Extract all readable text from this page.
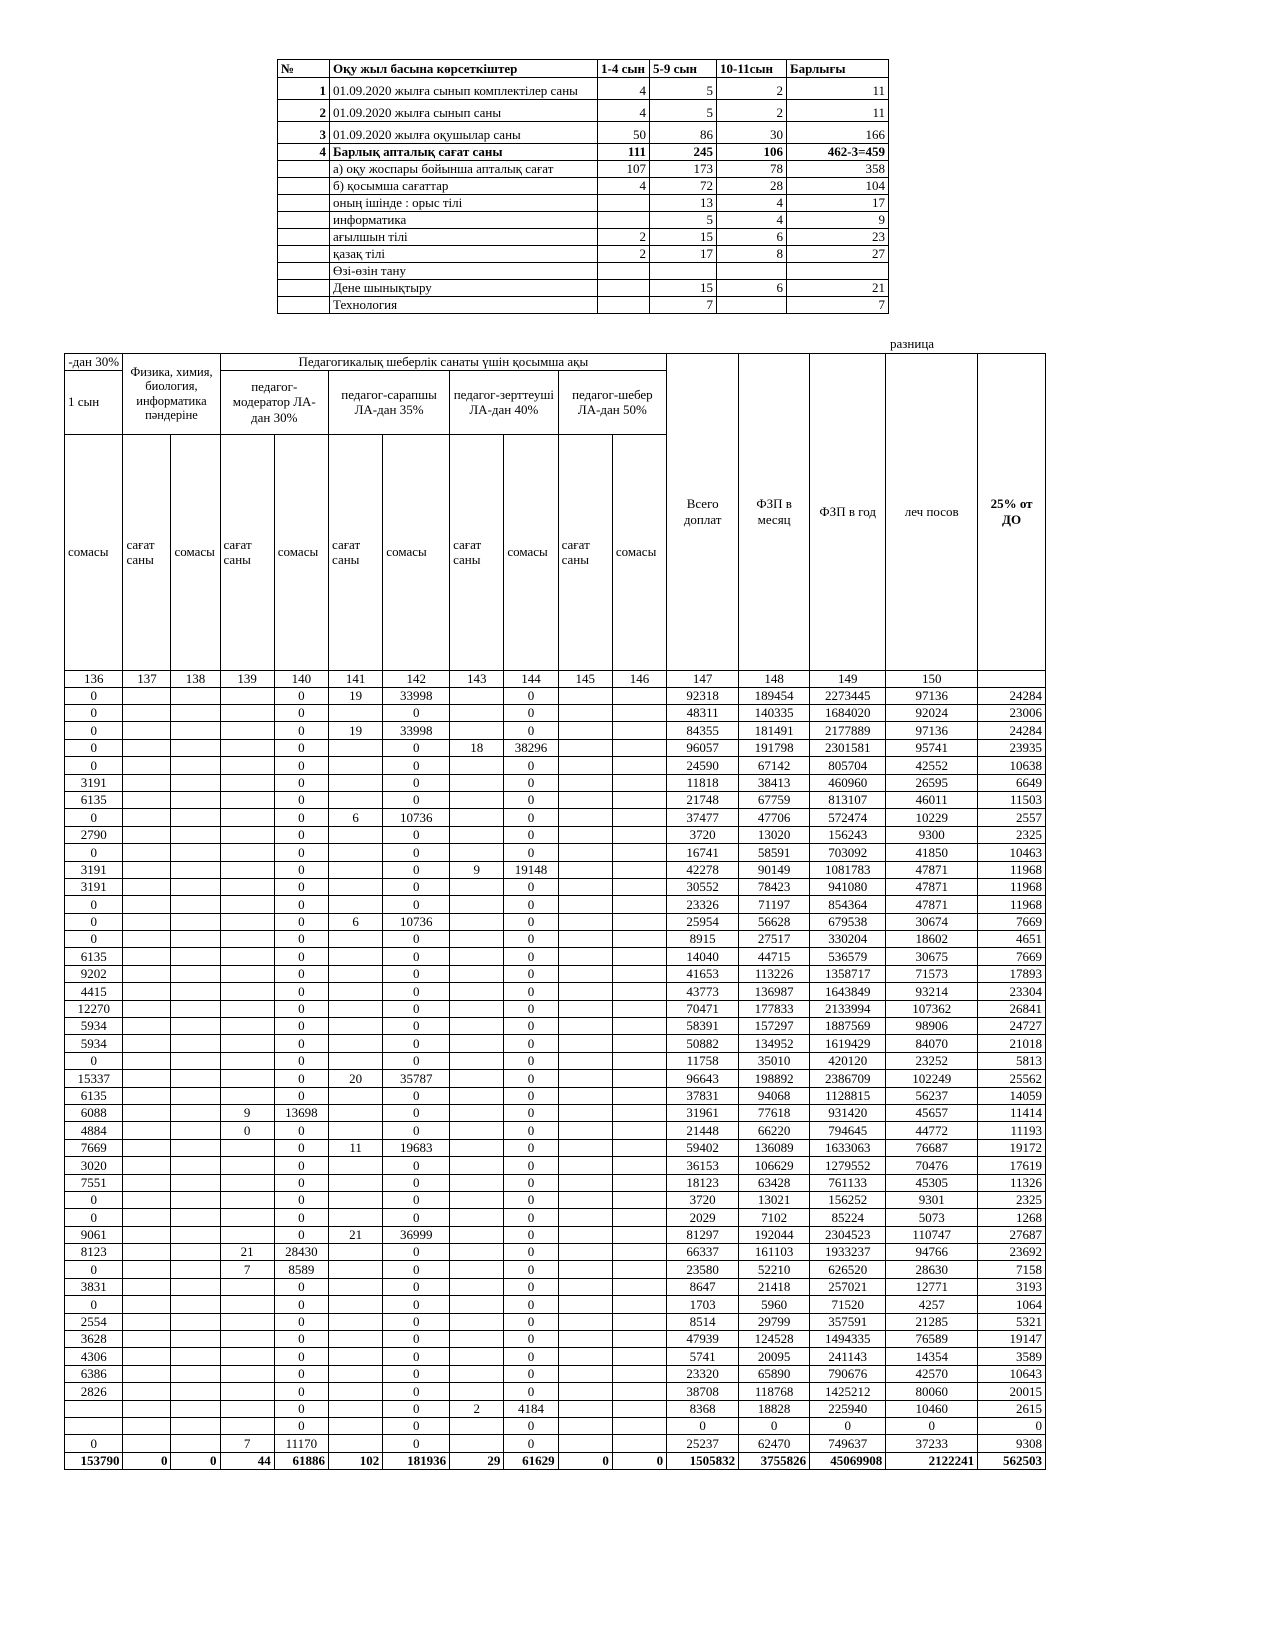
№	Оқу жыл басына көрсеткіштер	1-4 сын	5-9 сын	10-11сын	Барлығы
1	01.09.2020 жылға сынып комплектілер саны	4	5	2	11
2	01.09.2020 жылға сынып саны	4	5	2	11
3	01.09.2020 жылға оқушылар саны	50	86	30	166
4	Барлық апталық сағат саны	111	245	106	462-3=459
	а) оқу жоспары бойынша апталық сағат	107	173	78	358
	б) қосымша сағаттар	4	72	28	104
	оның ішінде : орыс тілі		13	4	17
	информатика		5	4	9
	ағылшын тілі	2	15	6	23
	қазақ тілі	2	17	8	27
	Өзі-өзін тану				
	Дене шынықтыру		15	6	21
	Технология		7		7
разница
-дан 30%	Физика, химия, биология, информатика пәндеріне		Педагогикалық шеберлік санаты үшін қосымша ақы								Всего доплат	ФЗП в месяц	ФЗП в год	леч посов	25% от ДО
1 сын			педагог-модератор ЛА-дан 30%		педагог-сарапшы ЛА-дан 35%		педагог-зерттеуші ЛА-дан 40%		педагог-шебер ЛА-дан 50%						
сомасы	сағат саны	сомасы	сағат саны	сомасы	сағат саны	сомасы	сағат саны	сомасы	сағат саны	сомасы					
136	137	138	139	140	141	142	143	144	145	146	147	148	149	150	
0				0	19	33998		0			92318	189454	2273445	97136	24284
0				0		0		0			48311	140335	1684020	92024	23006
0				0	19	33998		0			84355	181491	2177889	97136	24284
0				0		0	18	38296			96057	191798	2301581	95741	23935
0				0		0		0			24590	67142	805704	42552	10638
3191				0		0		0			11818	38413	460960	26595	6649
6135				0		0		0			21748	67759	813107	46011	11503
0				0	6	10736		0			37477	47706	572474	10229	2557
2790				0		0		0			3720	13020	156243	9300	2325
0				0		0		0			16741	58591	703092	41850	10463
3191				0		0	9	19148			42278	90149	1081783	47871	11968
3191				0		0		0			30552	78423	941080	47871	11968
0				0		0		0			23326	71197	854364	47871	11968
0				0	6	10736		0			25954	56628	679538	30674	7669
0				0		0		0			8915	27517	330204	18602	4651
6135				0		0		0			14040	44715	536579	30675	7669
9202				0		0		0			41653	113226	1358717	71573	17893
4415				0		0		0			43773	136987	1643849	93214	23304
12270				0		0		0			70471	177833	2133994	107362	26841
5934				0		0		0			58391	157297	1887569	98906	24727
5934				0		0		0			50882	134952	1619429	84070	21018
0				0		0		0			11758	35010	420120	23252	5813
15337				0	20	35787		0			96643	198892	2386709	102249	25562
6135				0		0		0			37831	94068	1128815	56237	14059
6088			9	13698		0		0			31961	77618	931420	45657	11414
4884			0	0		0		0			21448	66220	794645	44772	11193
7669				0	11	19683		0			59402	136089	1633063	76687	19172
3020				0		0		0			36153	106629	1279552	70476	17619
7551				0		0		0			18123	63428	761133	45305	11326
0				0		0		0			3720	13021	156252	9301	2325
0				0		0		0			2029	7102	85224	5073	1268
9061				0	21	36999		0			81297	192044	2304523	110747	27687
8123			21	28430		0		0			66337	161103	1933237	94766	23692
0			7	8589		0		0			23580	52210	626520	28630	7158
3831				0		0		0			8647	21418	257021	12771	3193
0				0		0		0			1703	5960	71520	4257	1064
2554				0		0		0			8514	29799	357591	21285	5321
3628				0		0		0			47939	124528	1494335	76589	19147
4306				0		0		0			5741	20095	241143	14354	3589
6386				0		0		0			23320	65890	790676	42570	10643
2826				0		0		0			38708	118768	1425212	80060	20015
				0		0	2	4184			8368	18828	225940	10460	2615
				0		0		0			0	0	0	0	0
0			7	11170		0		0			25237	62470	749637	37233	9308
153790	0	0	44	61886	102	181936	29	61629	0	0	1505832	3755826	45069908	2122241	562503
